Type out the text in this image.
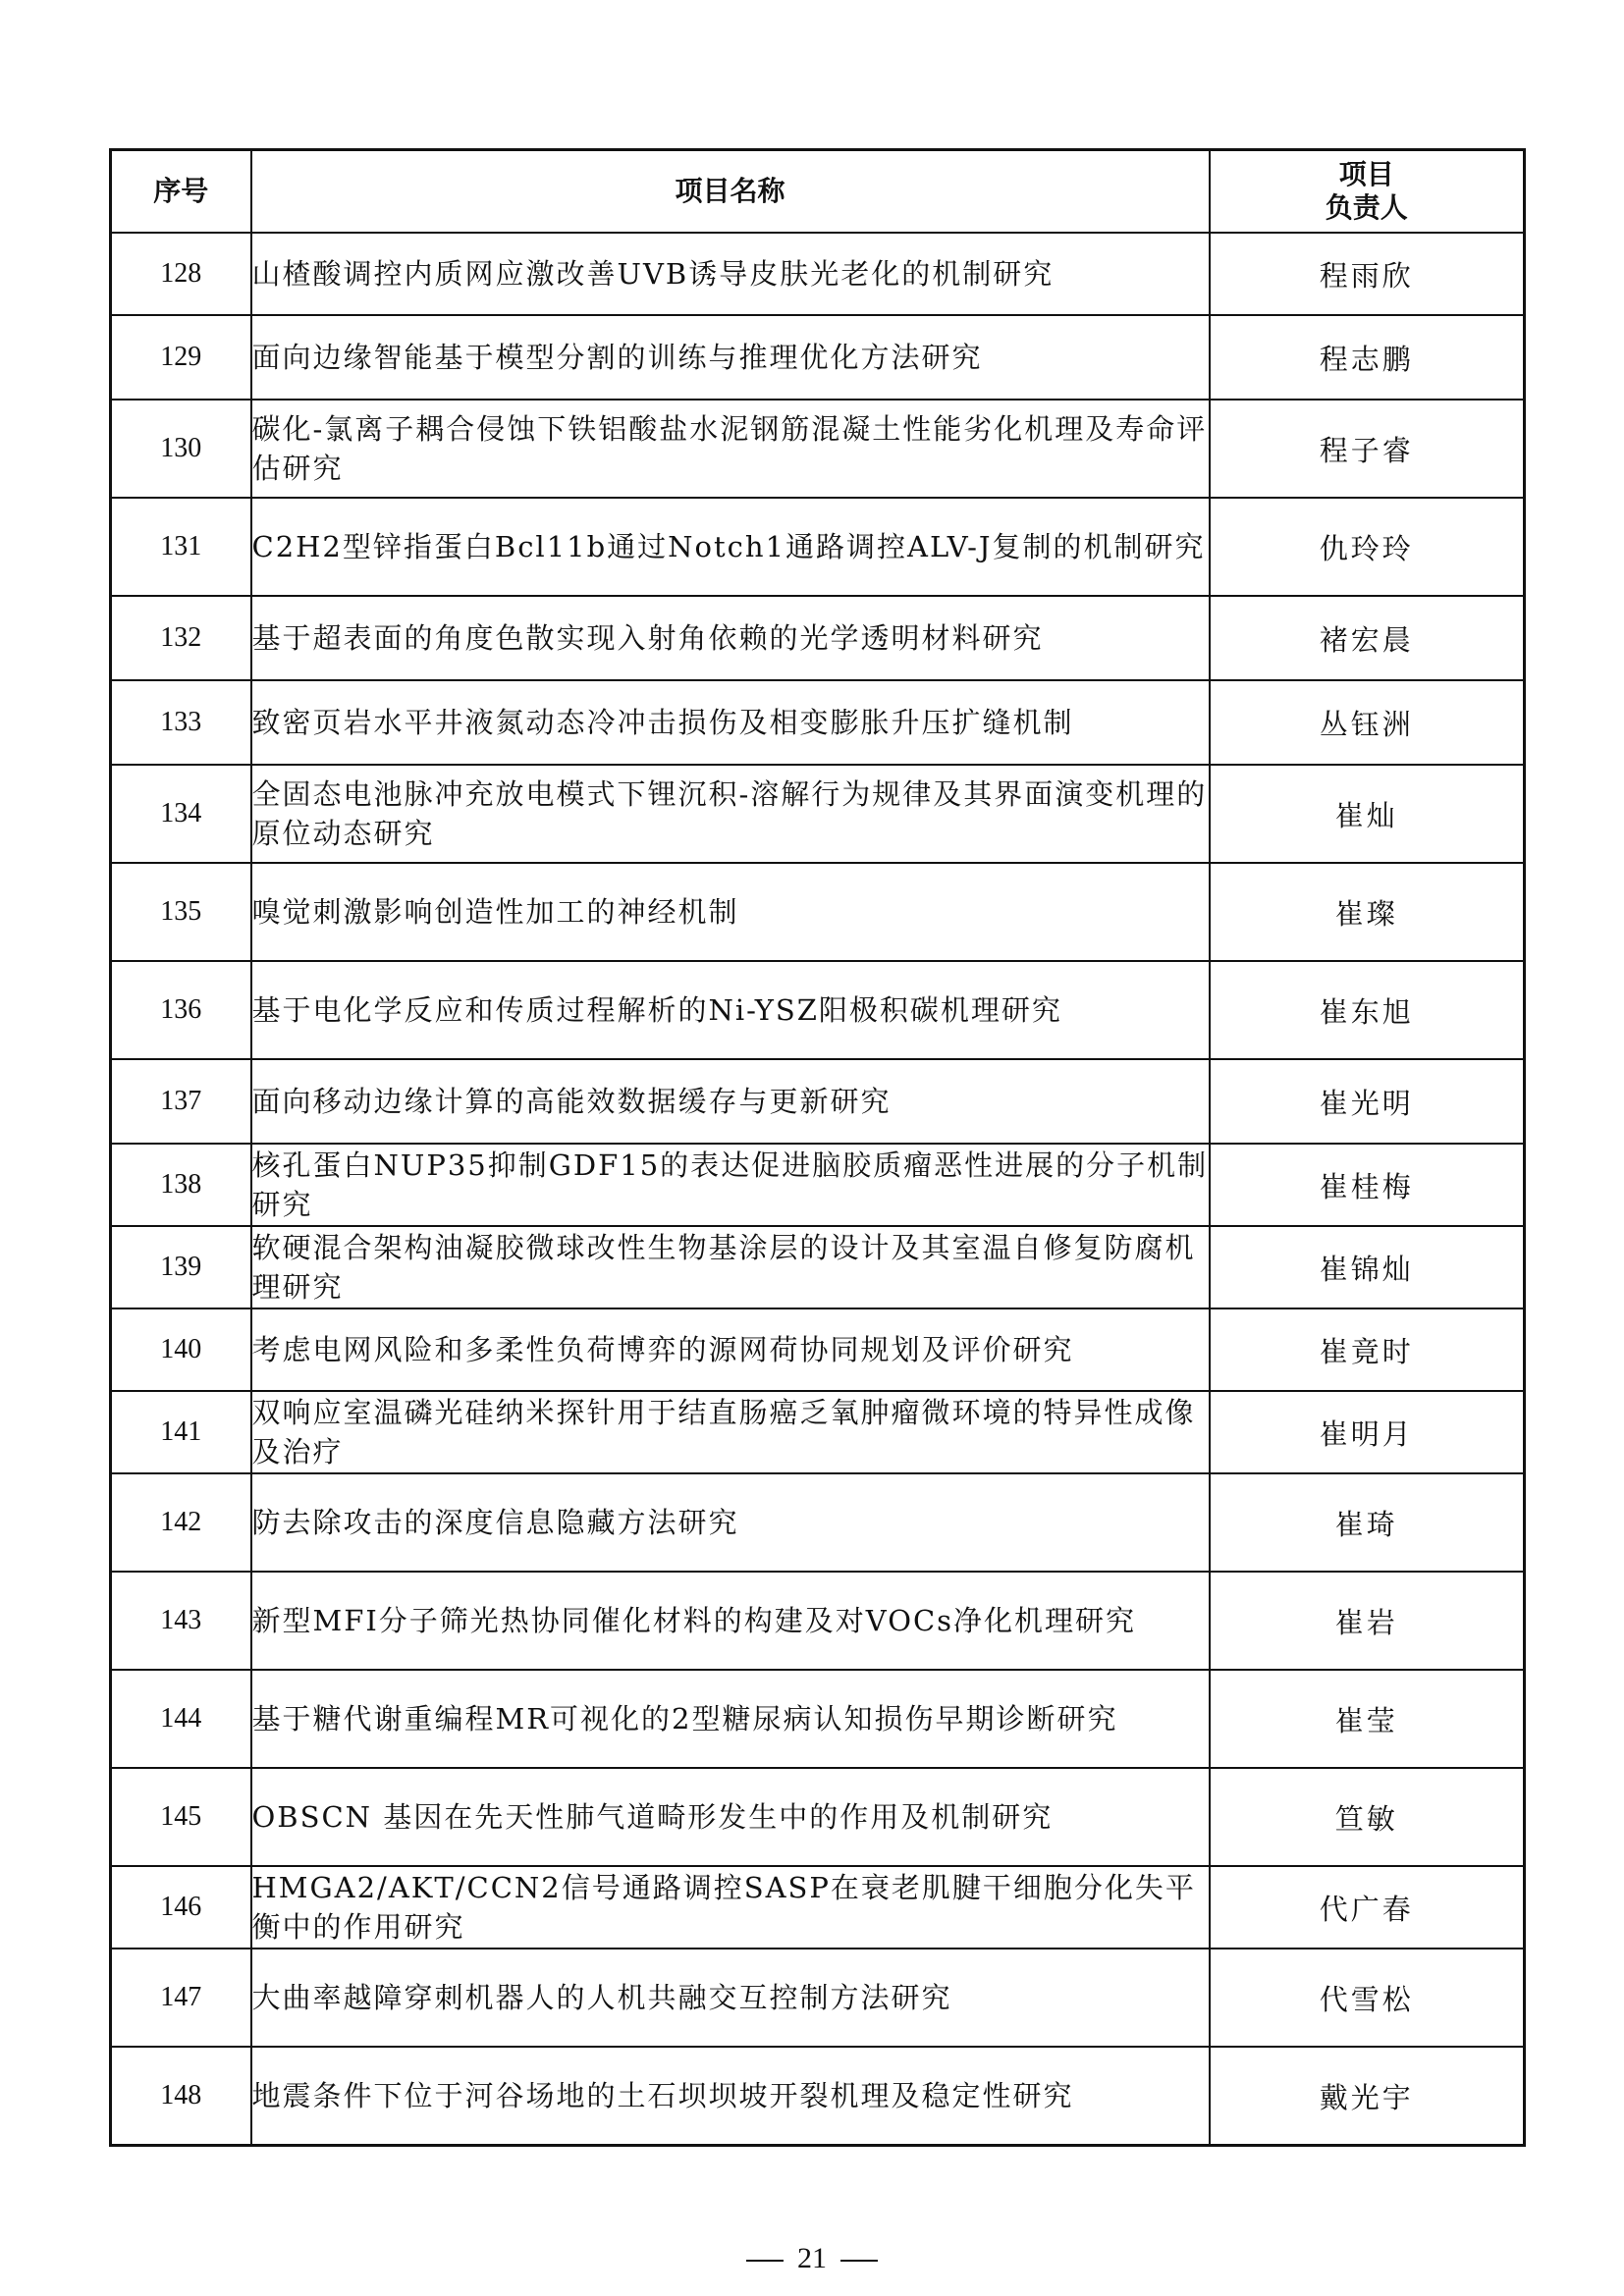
序号	项目名称	项目
负责人

128	山楂酸调控内质网应激改善UVB诱导皮肤光老化的机制研究	程雨欣
129	面向边缘智能基于模型分割的训练与推理优化方法研究	程志鹏
130	碳化-氯离子耦合侵蚀下铁铝酸盐水泥钢筋混凝土性能劣化机理及寿命评估研究	程子睿
131	C2H2型锌指蛋白Bcl11b通过Notch1通路调控ALV-J复制的机制研究	仇玲玲
132	基于超表面的角度色散实现入射角依赖的光学透明材料研究	褚宏晨
133	致密页岩水平井液氮动态冷冲击损伤及相变膨胀升压扩缝机制	丛钰洲
134	全固态电池脉冲充放电模式下锂沉积-溶解行为规律及其界面演变机理的原位动态研究	崔灿
135	嗅觉刺激影响创造性加工的神经机制	崔璨
136	基于电化学反应和传质过程解析的Ni-YSZ阳极积碳机理研究	崔东旭
137	面向移动边缘计算的高能效数据缓存与更新研究	崔光明
138	核孔蛋白NUP35抑制GDF15的表达促进脑胶质瘤恶性进展的分子机制研究	崔桂梅
139	软硬混合架构油凝胶微球改性生物基涂层的设计及其室温自修复防腐机理研究	崔锦灿
140	考虑电网风险和多柔性负荷博弈的源网荷协同规划及评价研究	崔竟时
141	双响应室温磷光硅纳米探针用于结直肠癌乏氧肿瘤微环境的特异性成像及治疗	崔明月
142	防去除攻击的深度信息隐藏方法研究	崔琦
143	新型MFI分子筛光热协同催化材料的构建及对VOCs净化机理研究	崔岩
144	基于糖代谢重编程MR可视化的2型糖尿病认知损伤早期诊断研究	崔莹
145	OBSCN 基因在先天性肺气道畸形发生中的作用及机制研究	笪敏
146	HMGA2/AKT/CCN2信号通路调控SASP在衰老肌腱干细胞分化失平衡中的作用研究	代广春
147	大曲率越障穿刺机器人的人机共融交互控制方法研究	代雪松
148	地震条件下位于河谷场地的土石坝坝坡开裂机理及稳定性研究	戴光宇
21
